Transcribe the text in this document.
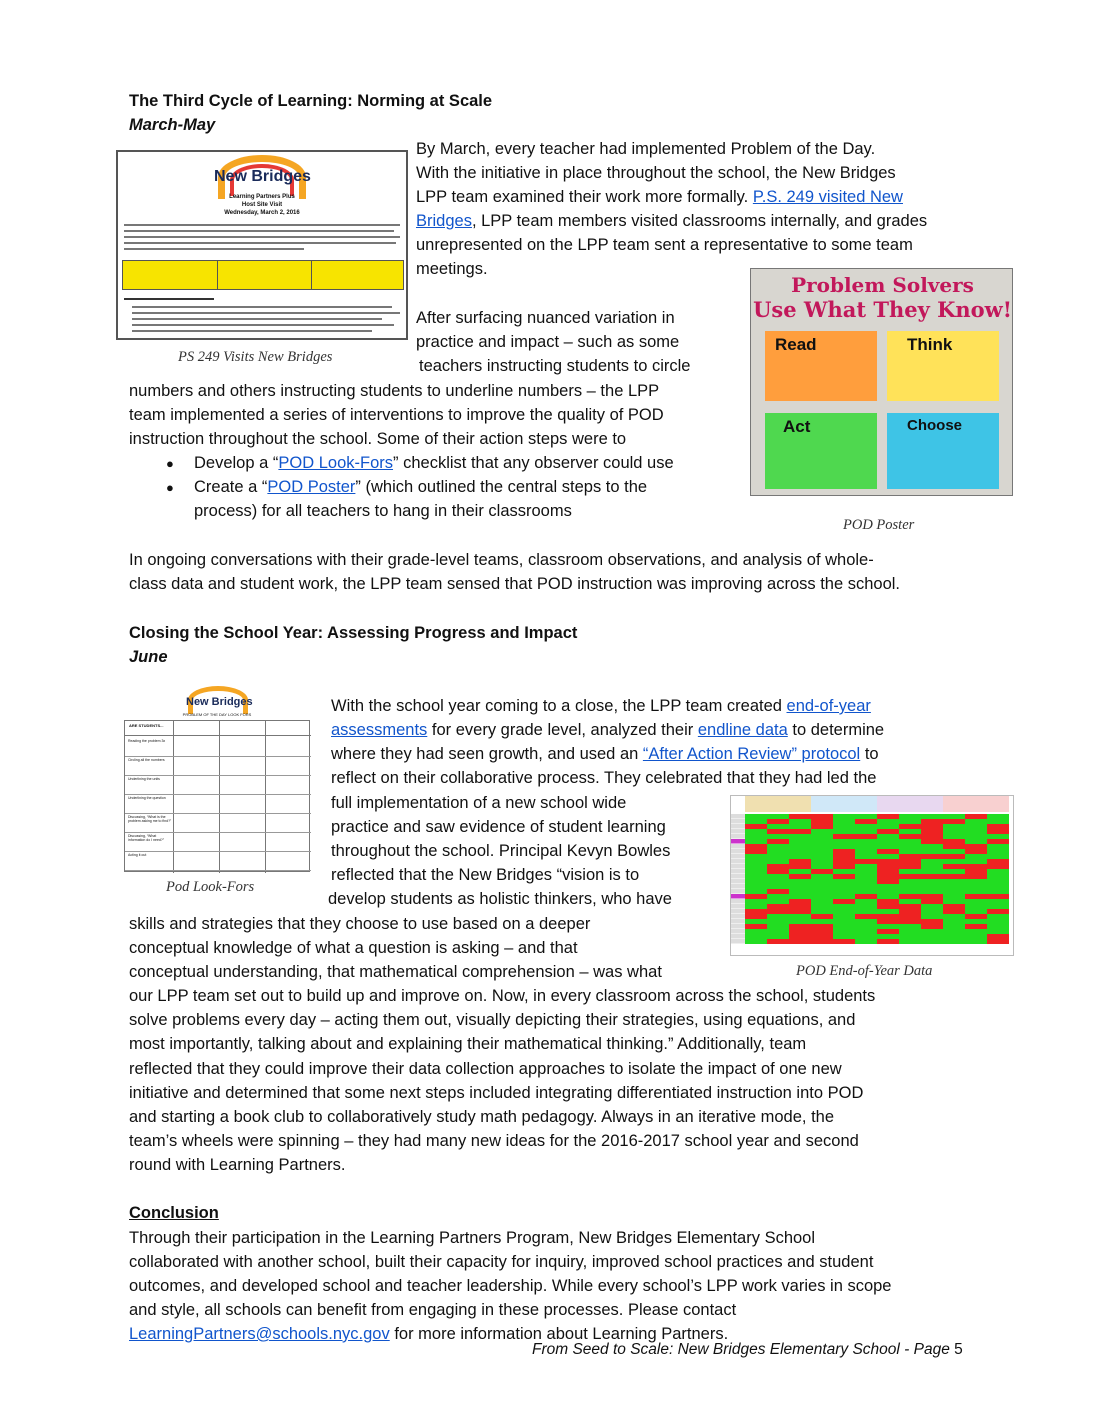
The Third Cycle of Learning: Norming at Scale
March-May
By March, every teacher had implemented Problem of the Day.
With the initiative in place throughout the school, the New Bridges
LPP team examined their work more formally. P.S. 249 visited New
Bridges, LPP team members visited classrooms internally, and grades
unrepresented on the LPP team sent a representative to some team
meetings.
After surfacing nuanced variation in
practice and impact – such as some
teachers instructing students to circle
numbers and others instructing students to underline numbers – the LPP
team implemented a series of interventions to improve the quality of POD
instruction throughout the school. Some of their action steps were to
● Develop a “POD Look-Fors” checklist that any observer could use
● Create a “POD Poster” (which outlined the central steps to the
process) for all teachers to hang in their classrooms
In ongoing conversations with their grade-level teams, classroom observations, and analysis of whole-
class data and student work, the LPP team sensed that POD instruction was improving across the school.
New Bridges
Learning Partners Plus
Host Site Visit
Wednesday, March 2, 2016
PS 249 Visits New Bridges
Problem Solvers
Use What They Know!
Read	Think
Act	Choose
POD Poster
Closing the School Year: Assessing Progress and Impact
June
With the school year coming to a close, the LPP team created end-of-year
assessments for every grade level, analyzed their endline data to determine
where they had seen growth, and used an “After Action Review” protocol to
reflect on their collaborative process. They celebrated that they had led the
full implementation of a new school wide
practice and saw evidence of student learning
throughout the school. Principal Kevyn Bowles
reflected that the New Bridges “vision is to
develop students as holistic thinkers, who have
skills and strategies that they choose to use based on a deeper
conceptual knowledge of what a question is asking – and that
conceptual understanding, that mathematical comprehension – was what
our LPP team set out to build up and improve on. Now, in every classroom across the school, students
solve problems every day – acting them out, visually depicting their strategies, using equations, and
most importantly, talking about and explaining their mathematical thinking.” Additionally, team
reflected that they could improve their data collection approaches to isolate the impact of one new
initiative and determined that some next steps included integrating differentiated instruction into POD
and starting a book club to collaboratively study math pedagogy. Always in an iterative mode, the
team’s wheels were spinning – they had many new ideas for the 2016-2017 school year and second
round with Learning Partners.
New Bridges
PROBLEM OF THE DAY LOOK FORS
ARE STUDENTS...
Reading the problem 3x
Circling all the numbers
Underlining the units
Underlining the question
Discussing, “What is the problem asking me to find?”
Discussing, “What information do I need?”
Acting it out
Pod Look-Fors
POD End-of-Year Data
Conclusion
Through their participation in the Learning Partners Program, New Bridges Elementary School
collaborated with another school, built their capacity for inquiry, improved school practices and student
outcomes, and developed school and teacher leadership. While every school’s LPP work varies in scope
and style, all schools can benefit from engaging in these processes. Please contact
LearningPartners@schools.nyc.gov for more information about Learning Partners.
From Seed to Scale: New Bridges Elementary School - Page 5
